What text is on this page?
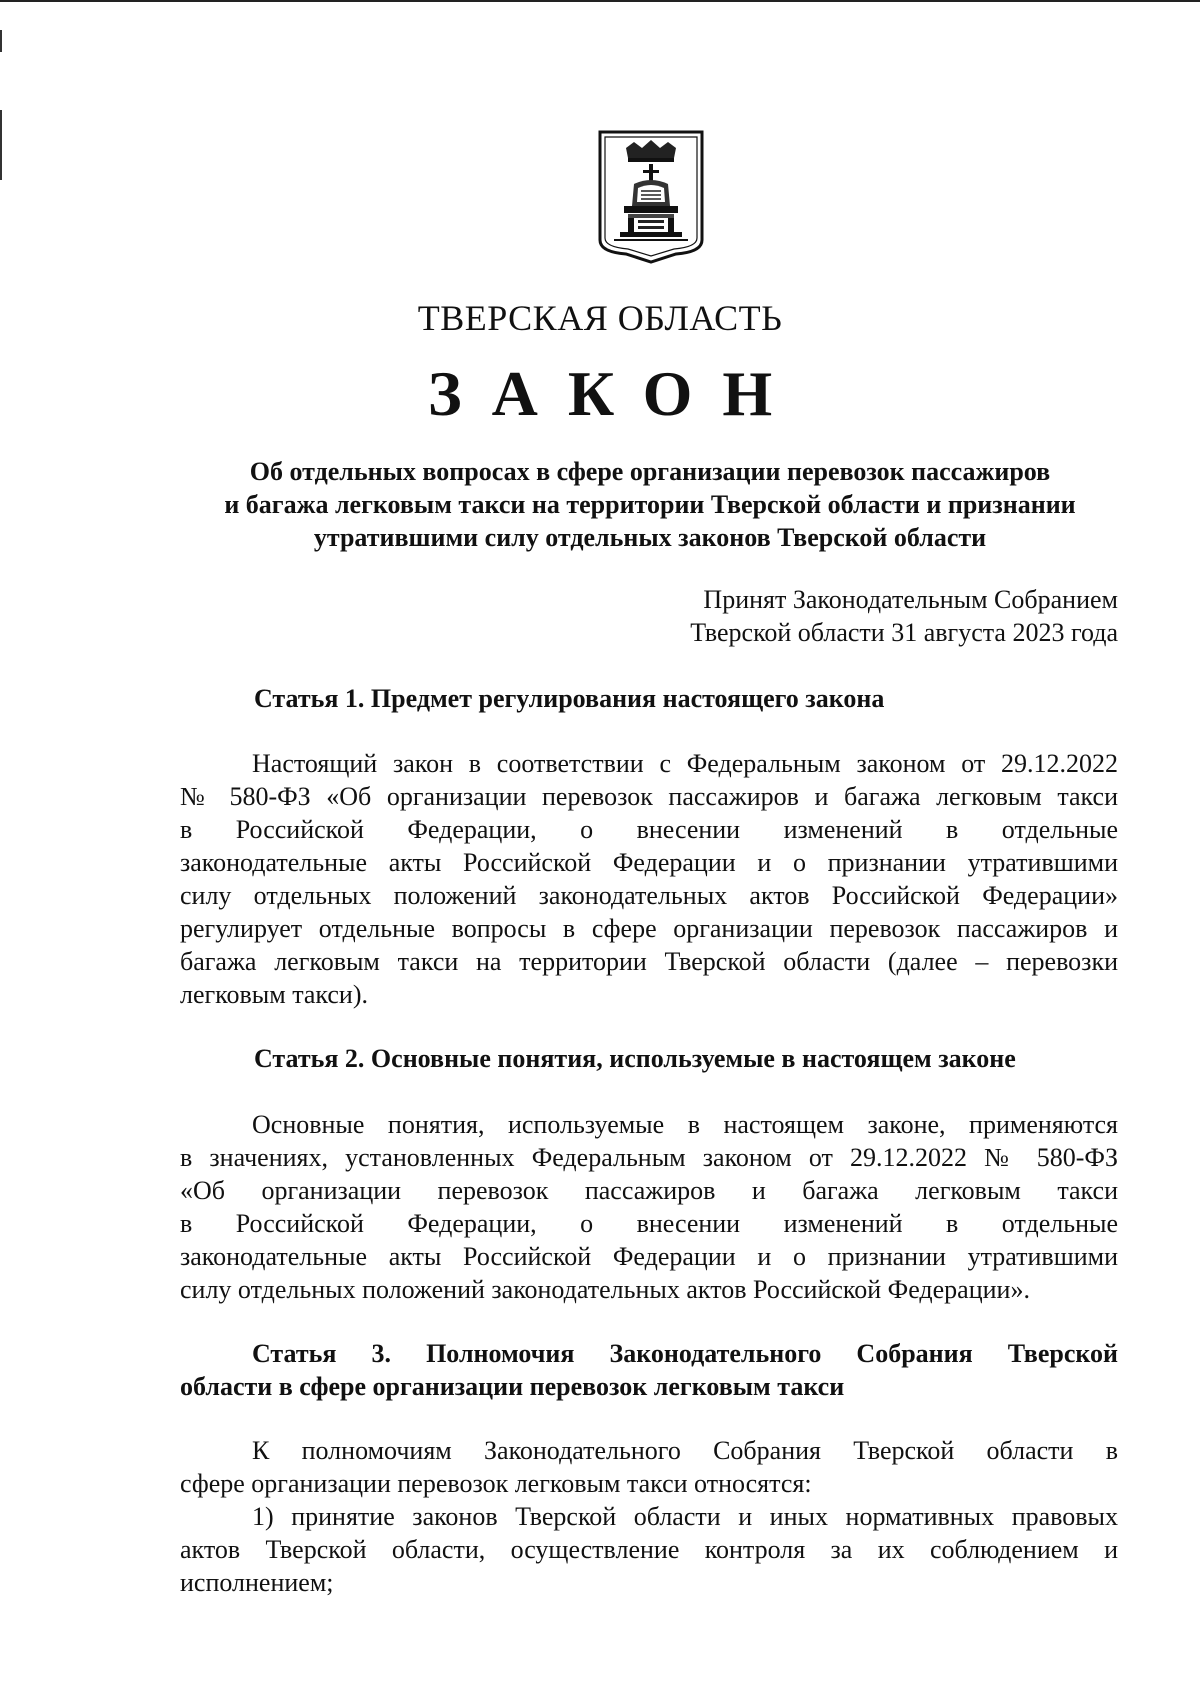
ТВЕРСКАЯ ОБЛАСТЬ
ЗАКОН
Об отдельных вопросах в сфере организации перевозок пассажиров
и багажа легковым такси на территории Тверской области и признании
утратившими силу отдельных законов Тверской области
Принят Законодательным Собранием
Тверской области 31 августа 2023 года
Статья 1. Предмет регулирования настоящего закона
Настоящий закон в соответствии с Федеральным законом от 29.12.2022
№ 580-ФЗ «Об организации перевозок пассажиров и багажа легковым такси
в Российской Федерации, о внесении изменений в отдельные
законодательные акты Российской Федерации и о признании утратившими
силу отдельных положений законодательных актов Российской Федерации»
регулирует отдельные вопросы в сфере организации перевозок пассажиров и
багажа легковым такси на территории Тверской области (далее – перевозки
легковым такси).
Статья 2. Основные понятия, используемые в настоящем законе
Основные понятия, используемые в настоящем законе, применяются
в значениях, установленных Федеральным законом от 29.12.2022 № 580-ФЗ
«Об организации перевозок пассажиров и багажа легковым такси
в Российской Федерации, о внесении изменений в отдельные
законодательные акты Российской Федерации и о признании утратившими
силу отдельных положений законодательных актов Российской Федерации».
Статья 3. Полномочия Законодательного Собрания Тверской
области в сфере организации перевозок легковым такси
К полномочиям Законодательного Собрания Тверской области в
сфере организации перевозок легковым такси относятся:
1) принятие законов Тверской области и иных нормативных правовых
актов Тверской области, осуществление контроля за их соблюдением и
исполнением;
